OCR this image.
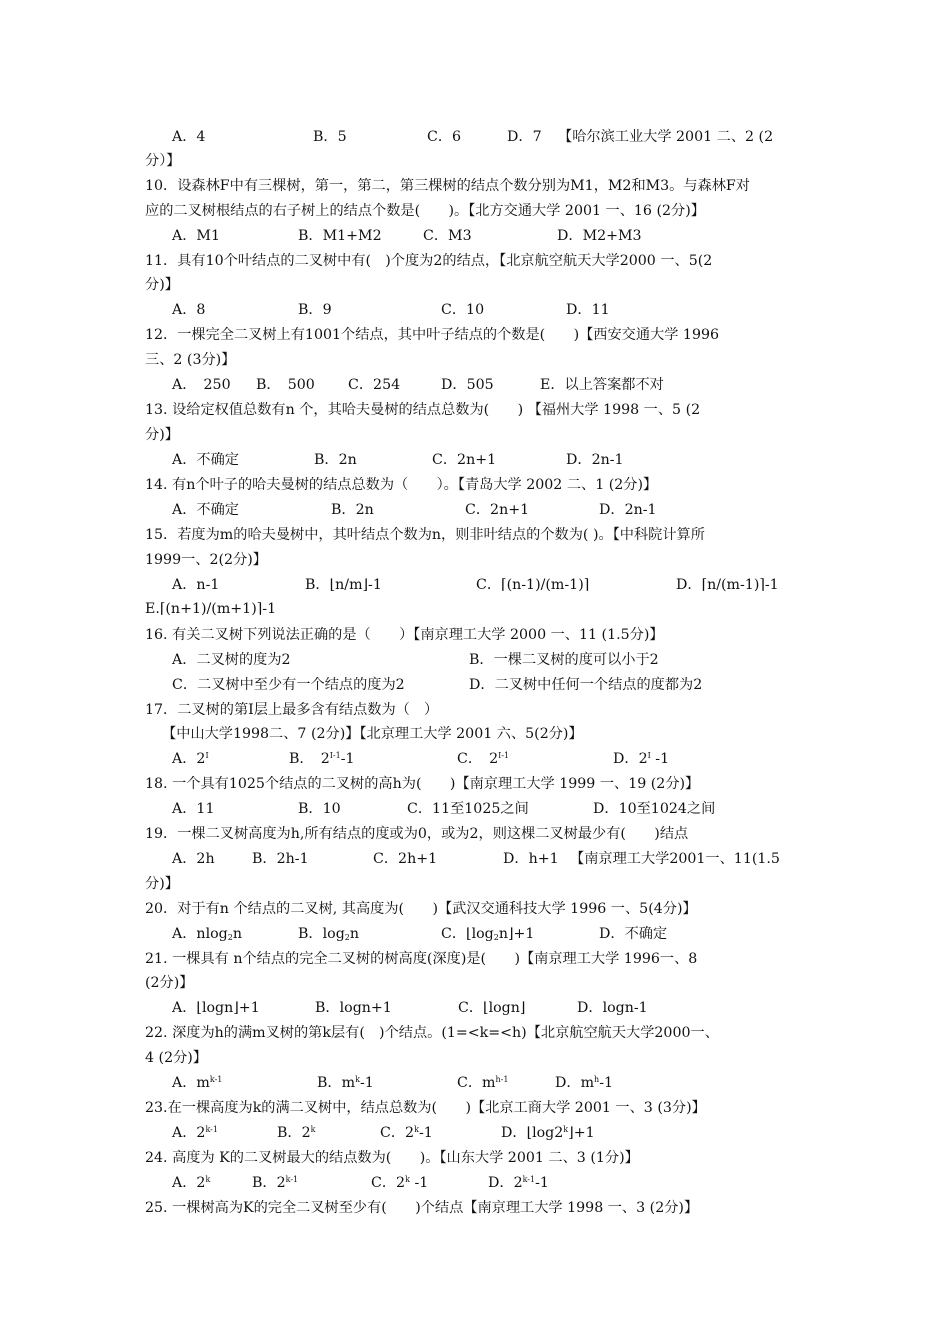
A．4	B．5	C．6	D．7 【哈尔滨工业大学 2001 二、2 (2
分）】
10．设森林F中有三棵树，第一，第二，第三棵树的结点个数分别为M1，M2和M3。与森林F对
应的二叉树根结点的右子树上的结点个数是(　　)。【北方交通大学 2001 一、16 (2分)】
A．M1	B．M1+M2	C．M3	D．M2+M3
11．具有10个叶结点的二叉树中有(　)个度为2的结点，【北京航空航天大学2000 一、5(2
分)】
A．8	B．9	C．10	D．11
12．一棵完全二叉树上有1001个结点，其中叶子结点的个数是(　　)【西安交通大学 1996
三、2 (3分)】
A．　250 B．　500 C．254	D．505	E．以上答案都不对
13. 设给定权值总数有n 个，其哈夫曼树的结点总数为(　　) 【福州大学 1998 一、5 (2
分)】
A．不确定	B．2n	C．2n+1	D．2n-1
14. 有n个叶子的哈夫曼树的结点总数为（　　）。【青岛大学 2002 二、1 (2分)】
A．不确定	B．2n	C．2n+1	D．2n-1
15．若度为m的哈夫曼树中，其叶结点个数为n，则非叶结点的个数为( )。【中科院计算所
1999一、2(2分)】
A．n-1	B．⌊n/m⌋-1	C．⌈(n-1)/(m-1)⌉	D．⌈n/(m-1)⌉-1
E.⌈(n+1)/(m+1)⌉-1
16. 有关二叉树下列说法正确的是（　　）【南京理工大学 2000 一、11 (1.5分)】
A．二叉树的度为2	B．一棵二叉树的度可以小于2
C．二叉树中至少有一个结点的度为2	D．二叉树中任何一个结点的度都为2
17．二叉树的第I层上最多含有结点数为（　）
【中山大学1998二、7 (2分)】【北京理工大学 2001 六、5(2分)】
A．$2^I$	B．　$2^{I-1}-1$	C．　$2^{I-1}$	D．$2^I$ -1
18. 一个具有1025个结点的二叉树的高h为(　　)【南京理工大学 1999 一、19 (2分)】
A．11	B．10	C．11至1025之间	D．10至1024之间
19．一棵二叉树高度为h,所有结点的度或为0，或为2，则这棵二叉树最少有(　　)结点
A．2h	B．2h-1	C．2h+1	D．h+1 【南京理工大学2001一、11(1.5
分)】
20．对于有n 个结点的二叉树, 其高度为(　　)【武汉交通科技大学 1996 一、5(4分)】
A．nlog$_2$n	B．$\log_2n$	C．$⌊\log_2n⌋+1$	D．不确定
21. 一棵具有 n个结点的完全二叉树的树高度(深度)是(　　)【南京理工大学 1996一、8
(2分)】
A．⌊logn⌋+1	B．logn+1	C．⌊logn⌋	D．logn-1
22. 深度为h的满m叉树的第k层有(　)个结点。(1=<k=<h)【北京航空航天大学2000一、
4 (2分)】
A．$m^{k-1}$	B．$m^k-1$	C．$m^{h-1}$	D．$m^h-1$
23.在一棵高度为k的满二叉树中，结点总数为(　　)【北京工商大学 2001 一、3 (3分)】
A．2$^{k-1}$	B．2$^k$	C．2$^k$-1	D．$⌊\log 2^k⌋+1$
24. 高度为 K的二叉树最大的结点数为(　　)。【山东大学 2001 二、3 (1分)】
A．2$^k$	B．2$^{k-1}$	C．2$^k$ -1	D．2$^{k-1}$-1
25. 一棵树高为K的完全二叉树至少有(　　)个结点【南京理工大学 1998 一、3 (2分)】
